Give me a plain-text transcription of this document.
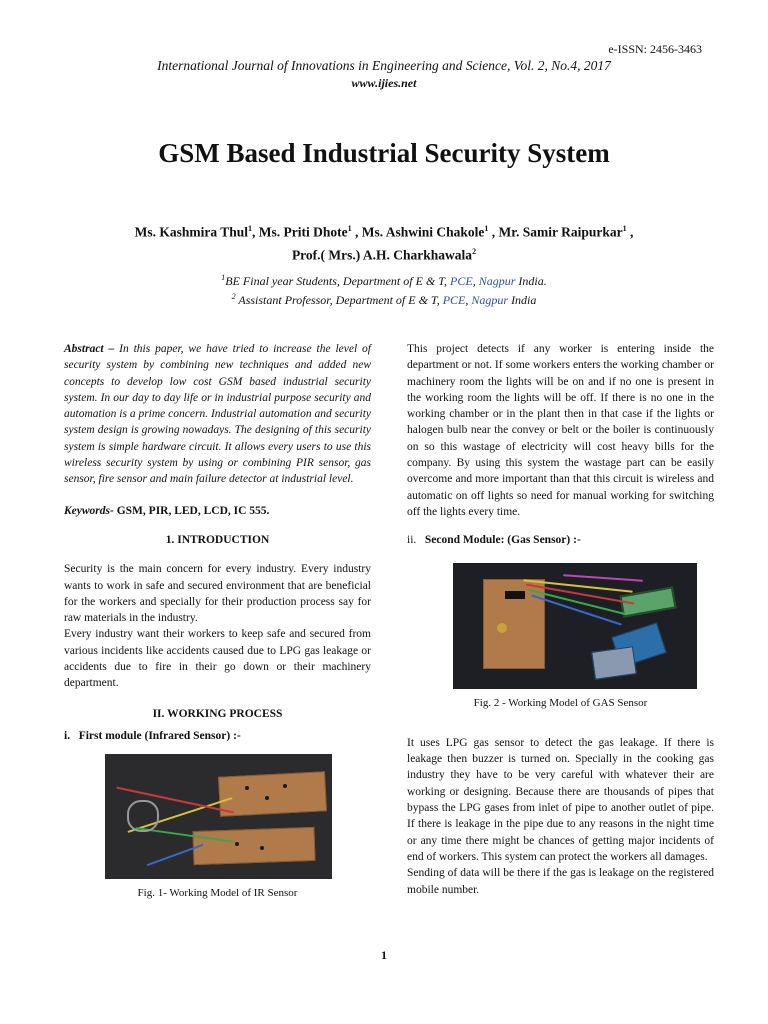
e-ISSN: 2456-3463
International Journal of Innovations in Engineering and Science, Vol. 2, No.4, 2017
www.ijies.net
GSM Based Industrial Security System
Ms. Kashmira Thul$^1$, Ms. Priti Dhote$^1$ , Ms. Ashwini Chakole$^1$ , Mr. Samir Raipurkar$^1$ ,
Prof.( Mrs.) A.H. Charkhawala$^2$
$^1$BE Final year Students, Department of E & T, PCE, Nagpur India.
$^2$ Assistant Professor, Department of E & T, PCE, Nagpur India

Abstract – In this paper, we have tried to increase the level of security system by combining new techniques and added new concepts to develop low cost GSM based industrial security system. In our day to day life or in industrial purpose security and automation is a prime concern. Industrial automation and security system design is growing nowadays. The designing of this security system is simple hardware circuit. It allows every users to use this wireless security system by using or combining PIR sensor, gas sensor, fire sensor and main failure detector at industrial level.

Keywords- GSM, PIR, LED, LCD, IC 555.

1. INTRODUCTION

Security is the main concern for every industry. Every industry wants to work in safe and secured environment that are beneficial for the workers and specially for their production process say for raw materials in the industry.

Every industry want their workers to keep safe and secured from various incidents like accidents caused due to LPG gas leakage or accidents due to fire in their go down or their machinery department.

II. WORKING PROCESS

i.   First module (Infrared Sensor) :-

Fig. 1- Working Model of IR Sensor

This project detects if any worker is entering inside the department or not. If some workers enters the working chamber or machinery room the lights will be on and if no one is present in the working room the lights will be off. If there is no one in the working chamber or in the plant then in that case if the lights or halogen bulb near the convey or belt or the boiler is continuously on so this wastage of electricity will cost heavy bills for the company. By using this system the wastage part can be easily overcome and more important than that this circuit is wireless and automatic on off lights so need for manual working for switching off the lights every time.

ii. Second Module: (Gas Sensor) :-

Fig. 2 - Working Model of GAS Sensor

It uses LPG gas sensor to detect the gas leakage. If there is leakage then buzzer is turned on. Specially in the cooking gas industry they have to be very careful with whatever their are working or designing. Because there are thousands of pipes that bypass the LPG gases from inlet of pipe to another outlet of pipe. If there is leakage in the pipe due to any reasons in the night time or any time there might be chances of getting major incidents of end of workers. This system can protect the workers all damages.

Sending of data will be there if the gas is leakage on the registered mobile number.

1
